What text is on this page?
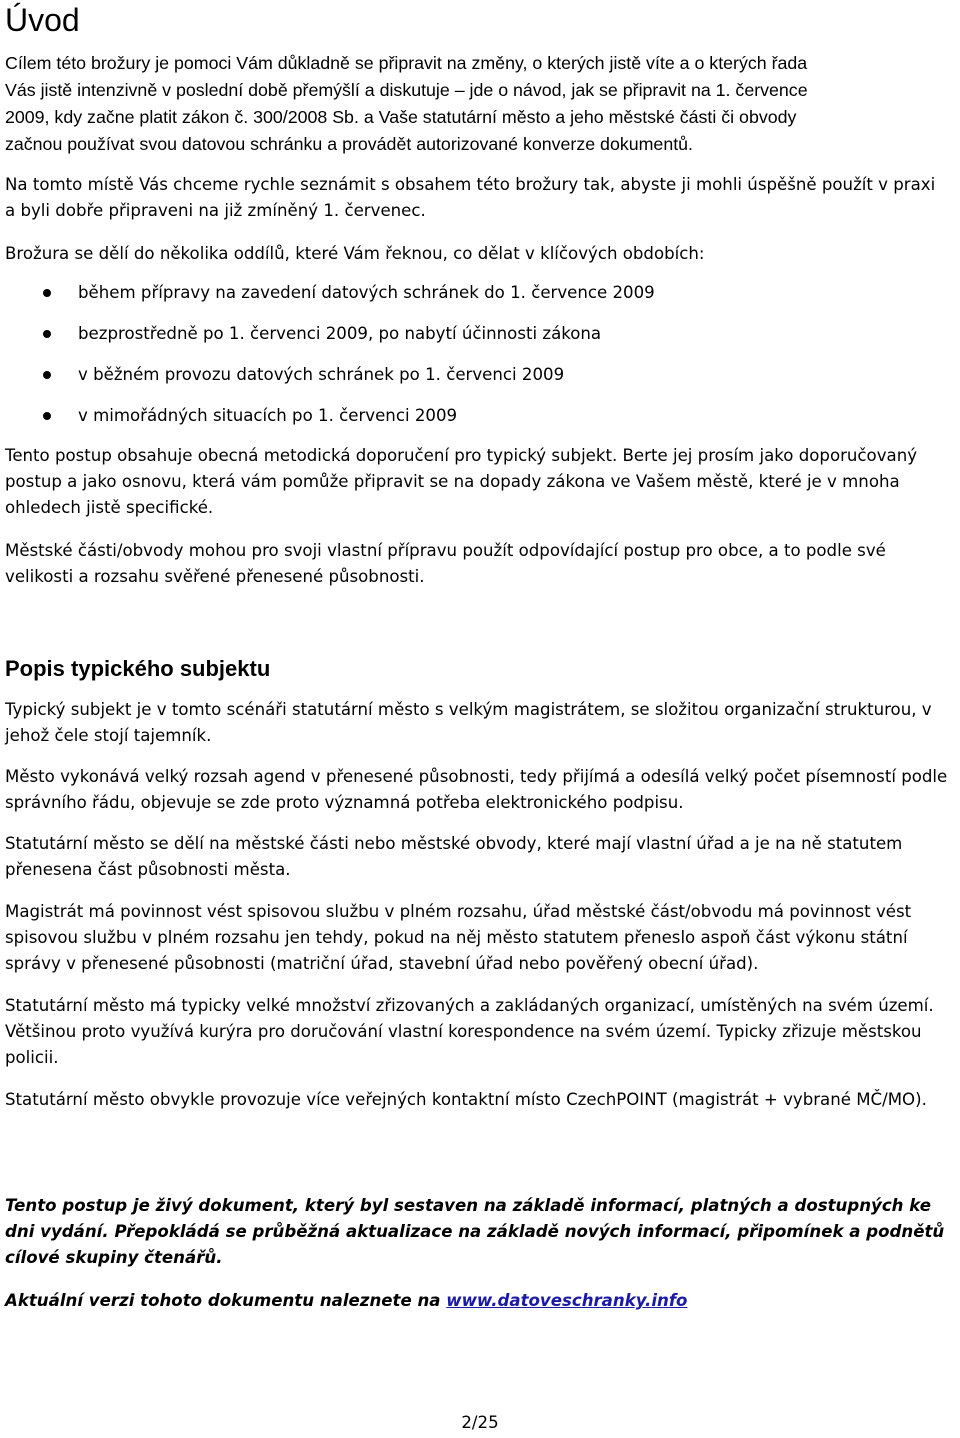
Úvod
Cílem této brožury je pomoci Vám důkladně se připravit na změny, o kterých jistě víte a o kterých řada
Vás jistě intenzivně v poslední době přemýšlí a diskutuje – jde o návod, jak se připravit na 1. července
2009, kdy začne platit zákon č. 300/2008 Sb. a Vaše statutární město a jeho městské části či obvody
začnou používat svou datovou schránku a provádět autorizované konverze dokumentů.
Na tomto místě Vás chceme rychle seznámit s obsahem této brožury tak, abyste ji mohli úspěšně použít v praxi a byli dobře připraveni na již zmíněný 1. červenec.
Brožura se dělí do několika oddílů, které Vám řeknou, co dělat v klíčových obdobích:
během přípravy na zavedení datových schránek do 1. července 2009
bezprostředně po 1. červenci 2009, po nabytí účinnosti zákona
v běžném provozu datových schránek po 1. červenci 2009
v mimořádných situacích po 1. červenci 2009
Tento postup obsahuje obecná metodická doporučení pro typický subjekt. Berte jej prosím jako doporučovaný postup a jako osnovu, která vám pomůže připravit se na dopady zákona ve Vašem městě, které je v mnoha ohledech jistě specifické.
Městské části/obvody mohou pro svoji vlastní přípravu použít odpovídající postup pro obce, a to podle své velikosti a rozsahu svěřené přenesené působnosti.
Popis typického subjektu
Typický subjekt je v tomto scénáři statutární město s velkým magistrátem, se složitou organizační strukturou, v jehož čele stojí tajemník.
Město vykonává velký rozsah agend v přenesené působnosti, tedy přijímá a odesílá velký počet písemností podle správního řádu, objevuje se zde proto významná potřeba elektronického podpisu.
Statutární město se dělí na městské části nebo městské obvody, které mají vlastní úřad a je na ně statutem přenesena část působnosti města.
Magistrát má povinnost vést spisovou službu v plném rozsahu, úřad městské část/obvodu má povinnost vést spisovou službu v plném rozsahu jen tehdy, pokud na něj město statutem přeneslo aspoň část výkonu státní správy v přenesené působnosti (matriční úřad, stavební úřad nebo pověřený obecní úřad).
Statutární město má typicky velké množství zřizovaných a zakládaných organizací, umístěných na svém území. Většinou proto využívá kurýra pro doručování vlastní korespondence na svém území. Typicky zřizuje městskou policii.
Statutární město obvykle provozuje více veřejných kontaktní místo CzechPOINT (magistrát + vybrané MČ/MO).
Tento postup je živý dokument, který byl sestaven na základě informací, platných a dostupných ke dni vydání. Přepokládá se průběžná aktualizace na základě nových informací, připomínek a podnětů cílové skupiny čtenářů.
Aktuální verzi tohoto dokumentu naleznete na www.datoveschranky.info
2/25
